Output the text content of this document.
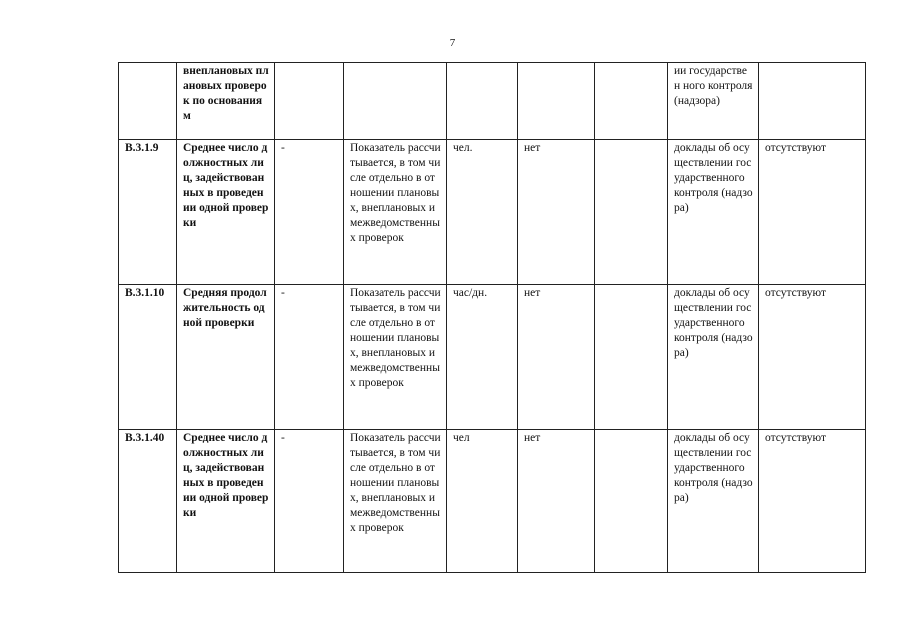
7
	внеплановых плановых проверок по основаниям						ии государствен ного контроля (надзора)	
В.3.1.9	Среднее число должностных лиц, задействованных в проведении одной проверки	-	Показатель рассчитывается, в том числе отдельно в отношении плановых, внеплановых и межведомственных проверок	чел.	нет		доклады об осуществлении государственного контроля (надзора)	отсутствуют
В.3.1.10	Средняя продолжительность одной проверки	-	Показатель рассчитывается, в том числе отдельно в отношении плановых, внеплановых и межведомственных проверок	час/дн.	нет		доклады об осуществлении государственного контроля (надзора)	отсутствуют
В.3.1.40	Среднее число должностных лиц, задействованных в проведении одной проверки	-	Показатель рассчитывается, в том числе отдельно в отношении плановых, внеплановых и межведомственных проверок	чел	нет		доклады об осуществлении государственного контроля (надзора)	отсутствуют
